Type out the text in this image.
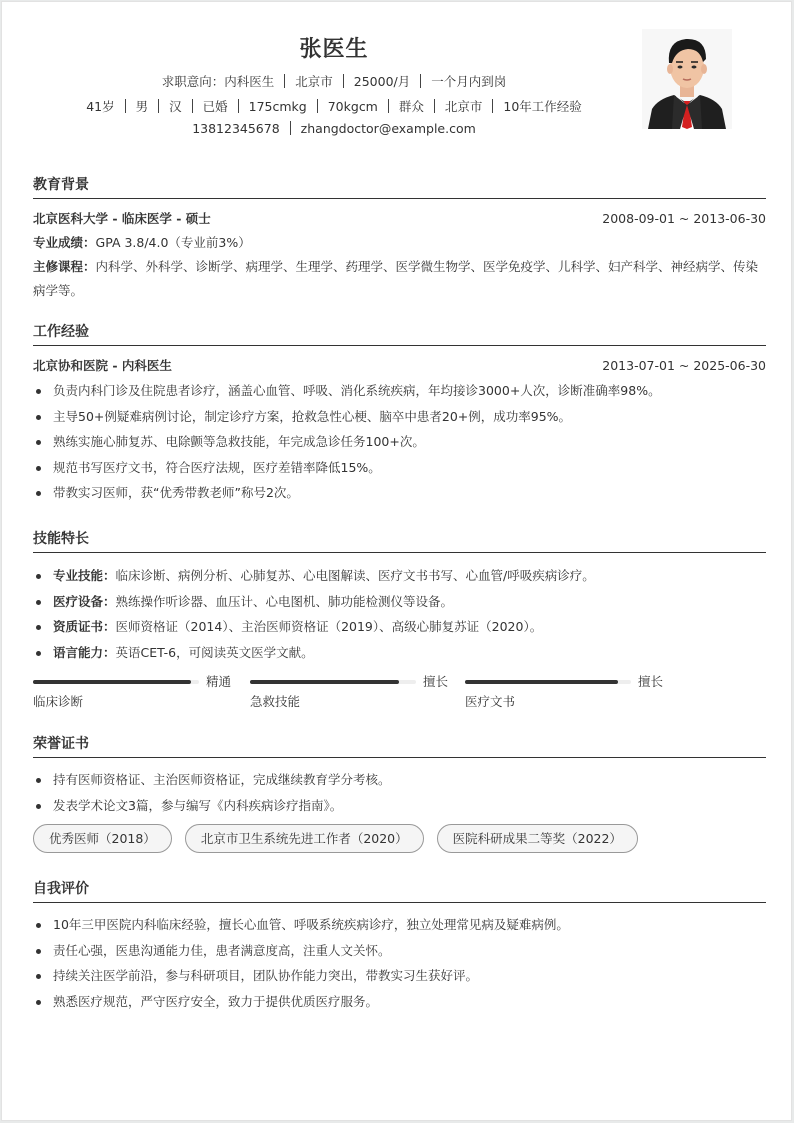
张医生
求职意向：内科医生 北京市 25000/月 一个月内到岗
41岁 男 汉 已婚 175cmkg 70kgcm 群众 北京市 10年工作经验
13812345678 zhangdoctor@example.com
教育背景
北京医科大学 - 临床医学 - 硕士	2008-09-01 ~ 2013-06-30
专业成绩：GPA 3.8/4.0（专业前3%）
主修课程：内科学、外科学、诊断学、病理学、生理学、药理学、医学微生物学、医学免疫学、儿科学、妇产科学、神经病学、传染病学等。
工作经验
北京协和医院 - 内科医生	2013-07-01 ~ 2025-06-30
负责内科门诊及住院患者诊疗，涵盖心血管、呼吸、消化系统疾病，年均接诊3000+人次，诊断准确率98%。
主导50+例疑难病例讨论，制定诊疗方案，抢救急性心梗、脑卒中患者20+例，成功率95%。
熟练实施心肺复苏、电除颤等急救技能，年完成急诊任务100+次。
规范书写医疗文书，符合医疗法规，医疗差错率降低15%。
带教实习医师，获“优秀带教老师”称号2次。
技能特长
专业技能：临床诊断、病例分析、心肺复苏、心电图解读、医疗文书书写、心血管/呼吸疾病诊疗。
医疗设备：熟练操作听诊器、血压计、心电图机、肺功能检测仪等设备。
资质证书：医师资格证（2014）、主治医师资格证（2019）、高级心肺复苏证（2020）。
语言能力：英语CET-6，可阅读英文医学文献。
精通
临床诊断
擅长
急救技能
擅长
医疗文书
荣誉证书
持有医师资格证、主治医师资格证，完成继续教育学分考核。
发表学术论文3篇，参与编写《内科疾病诊疗指南》。
优秀医师（2018）	北京市卫生系统先进工作者（2020）	医院科研成果二等奖（2022）
自我评价
10年三甲医院内科临床经验，擅长心血管、呼吸系统疾病诊疗，独立处理常见病及疑难病例。
责任心强，医患沟通能力佳，患者满意度高，注重人文关怀。
持续关注医学前沿，参与科研项目，团队协作能力突出，带教实习生获好评。
熟悉医疗规范，严守医疗安全，致力于提供优质医疗服务。
